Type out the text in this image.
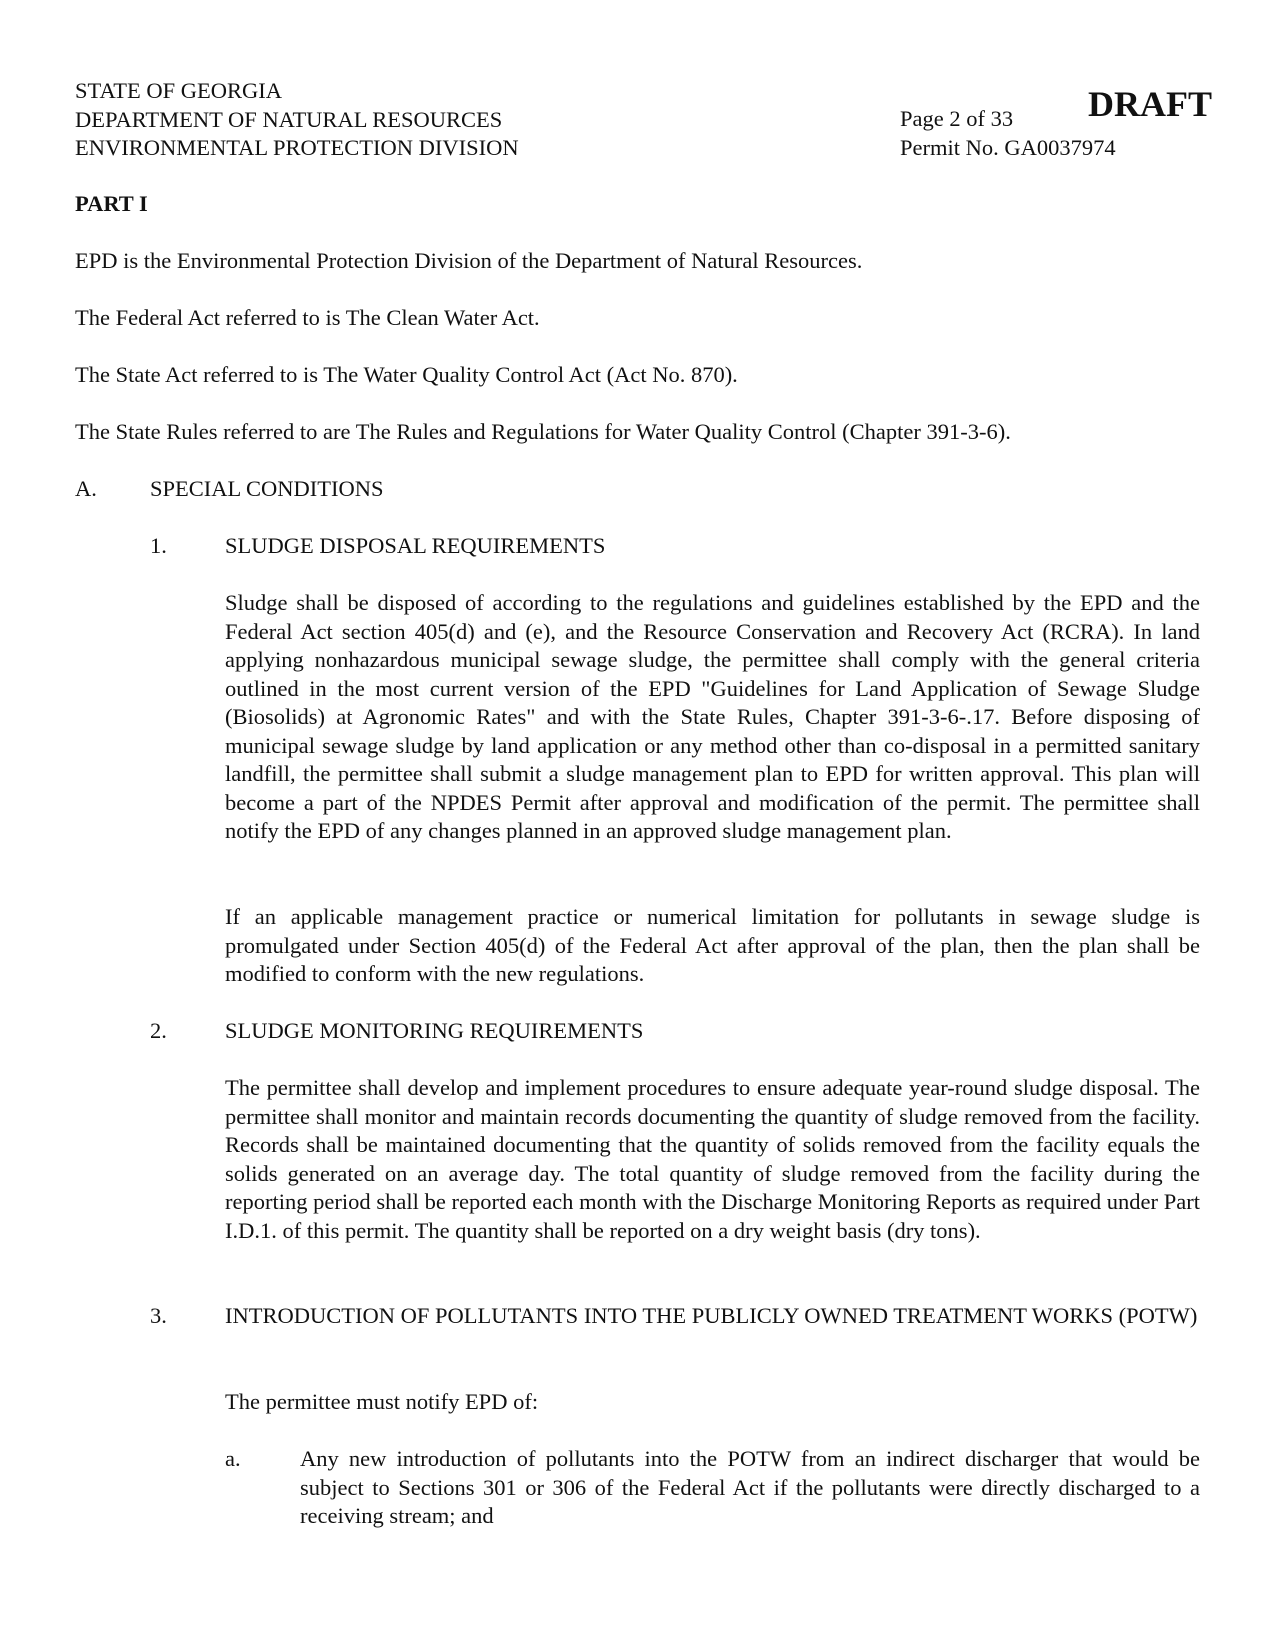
STATE OF GEORGIA
DEPARTMENT OF NATURAL RESOURCES
ENVIRONMENTAL PROTECTION DIVISION
Page 2 of 33
Permit No. GA0037974
DRAFT
PART I
EPD is the Environmental Protection Division of the Department of Natural Resources.
The Federal Act referred to is The Clean Water Act.
The State Act referred to is The Water Quality Control Act (Act No. 870).
The State Rules referred to are The Rules and Regulations for Water Quality Control (Chapter 391-3-6).
A. SPECIAL CONDITIONS
1.	SLUDGE DISPOSAL REQUIREMENTS
Sludge shall be disposed of according to the regulations and guidelines established by the EPD and the Federal Act section 405(d) and (e), and the Resource Conservation and Recovery Act (RCRA). In land applying nonhazardous municipal sewage sludge, the permittee shall comply with the general criteria outlined in the most current version of the EPD "Guidelines for Land Application of Sewage Sludge (Biosolids) at Agronomic Rates" and with the State Rules, Chapter 391-3-6-.17. Before disposing of municipal sewage sludge by land application or any method other than co-disposal in a permitted sanitary landfill, the permittee shall submit a sludge management plan to EPD for written approval. This plan will become a part of the NPDES Permit after approval and modification of the permit. The permittee shall notify the EPD of any changes planned in an approved sludge management plan.
If an applicable management practice or numerical limitation for pollutants in sewage sludge is promulgated under Section 405(d) of the Federal Act after approval of the plan, then the plan shall be modified to conform with the new regulations.
2.	SLUDGE MONITORING REQUIREMENTS
The permittee shall develop and implement procedures to ensure adequate year-round sludge disposal. The permittee shall monitor and maintain records documenting the quantity of sludge removed from the facility. Records shall be maintained documenting that the quantity of solids removed from the facility equals the solids generated on an average day. The total quantity of sludge removed from the facility during the reporting period shall be reported each month with the Discharge Monitoring Reports as required under Part I.D.1. of this permit. The quantity shall be reported on a dry weight basis (dry tons).
3.	INTRODUCTION OF POLLUTANTS INTO THE PUBLICLY OWNED TREATMENT WORKS (POTW)
The permittee must notify EPD of:
a.	Any new introduction of pollutants into the POTW from an indirect discharger that would be subject to Sections 301 or 306 of the Federal Act if the pollutants were directly discharged to a receiving stream; and
